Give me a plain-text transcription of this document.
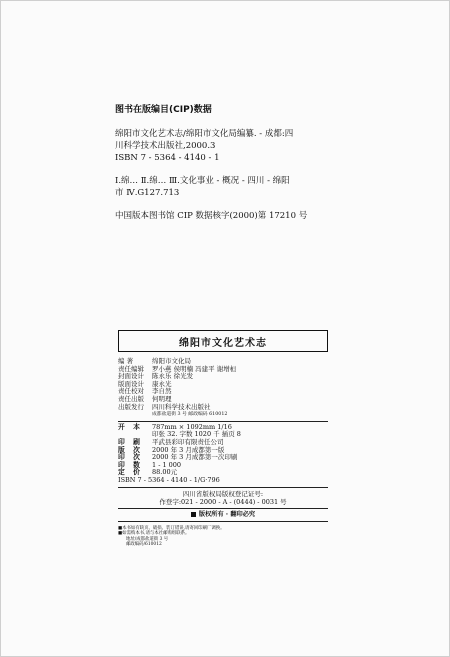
图书在版编目(CIP)数据
绵阳市文化艺术志/绵阳市文化局编纂. - 成都:四
川科学技术出版社,2000.3
ISBN 7 - 5364 - 4140 - 1
Ⅰ.绵… Ⅱ.绵… Ⅲ.文化事业 - 概况 - 四川 - 绵阳
市 Ⅳ.G127.713
中国版本图书馆 CIP 数据核字(2000)第 17210 号
绵阳市文化艺术志
编 著	绵阳市文化局
责任编辑	罗小燕 侯明楠 冯建平 谢增桓
封面设计	陈永乐 徐光发
版面设计	康永光
责任校对	李自然
责任出版	何明理
出版发行	四川科学技术出版社
成都盐道街 3 号 邮政编码 610012
开 本	787mm × 1092mm 1/16
印张 32. 字数 1020 千 插页 8
印 刷	平武县彩印有限责任公司
版 次	2000 年 3 月成都第一版
印 次	2000 年 3 月成都第一次印刷
印 数	1 - 1 000
定 价	88.00元
ISBN 7 - 5364 - 4140 - 1/G·796
四川省版权局版权登记证号:
作登字:021 - 2000 - A - (0444) - 0031 号
版权所有 · 翻印必究
■本书如有缺页、破损、装订错误,请寄回印刷厂调换。
■如需购本书,请与本社邮购组联系。
地址/成都盐道街 3 号
邮政编码/610012
